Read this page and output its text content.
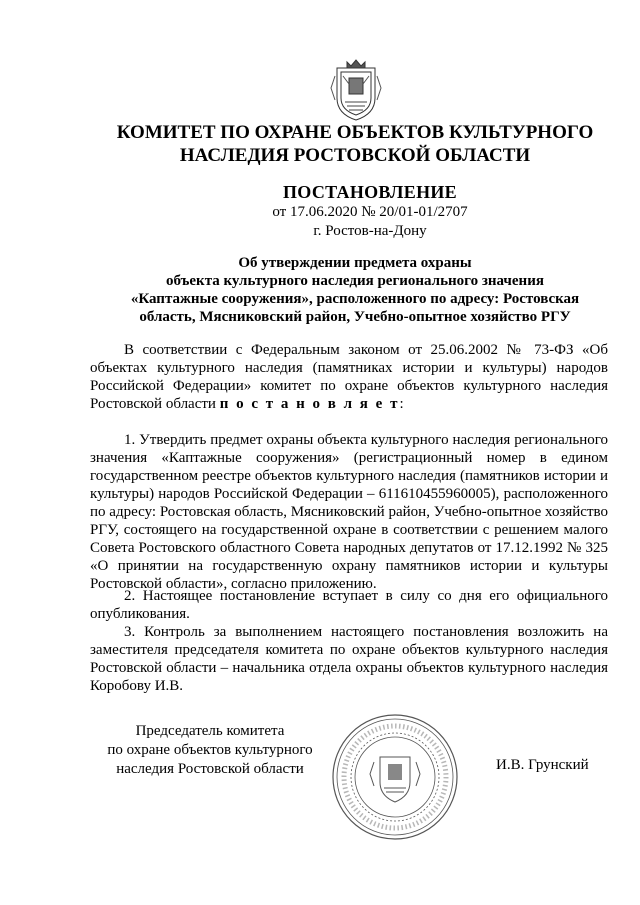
КОМИТЕТ ПО ОХРАНЕ ОБЪЕКТОВ КУЛЬТУРНОГО
НАСЛЕДИЯ РОСТОВСКОЙ ОБЛАСТИ
ПОСТАНОВЛЕНИЕ
от 17.06.2020 № 20/01-01/2707
г. Ростов-на-Дону
Об утверждении предмета охраны
объекта культурного наследия регионального значения
«Каптажные сооружения», расположенного по адресу: Ростовская
область, Мясниковский район, Учебно-опытное хозяйство РГУ
В соответствии с Федеральным законом от 25.06.2002 № 73-ФЗ «Об объектах культурного наследия (памятниках истории и культуры) народов Российской Федерации» комитет по охране объектов культурного наследия Ростовской области п о с т а н о в л я е т:
1. Утвердить предмет охраны объекта культурного наследия регионального значения «Каптажные сооружения» (регистрационный номер в едином государственном реестре объектов культурного наследия (памятников истории и культуры) народов Российской Федерации – 611610455960005), расположенного по адресу: Ростовская область, Мясниковский район, Учебно-опытное хозяйство РГУ, состоящего на государственной охране в соответствии с решением малого Совета Ростовского областного Совета народных депутатов от 17.12.1992 № 325 «О принятии на государственную охрану памятников истории и культуры Ростовской области», согласно приложению.
2. Настоящее постановление вступает в силу со дня его официального опубликования.
3. Контроль за выполнением настоящего постановления возложить на заместителя председателя комитета по охране объектов культурного наследия Ростовской области – начальника отдела охраны объектов культурного наследия Коробову И.В.
Председатель комитета
по охране объектов культурного
наследия Ростовской области	И.В. Грунский
